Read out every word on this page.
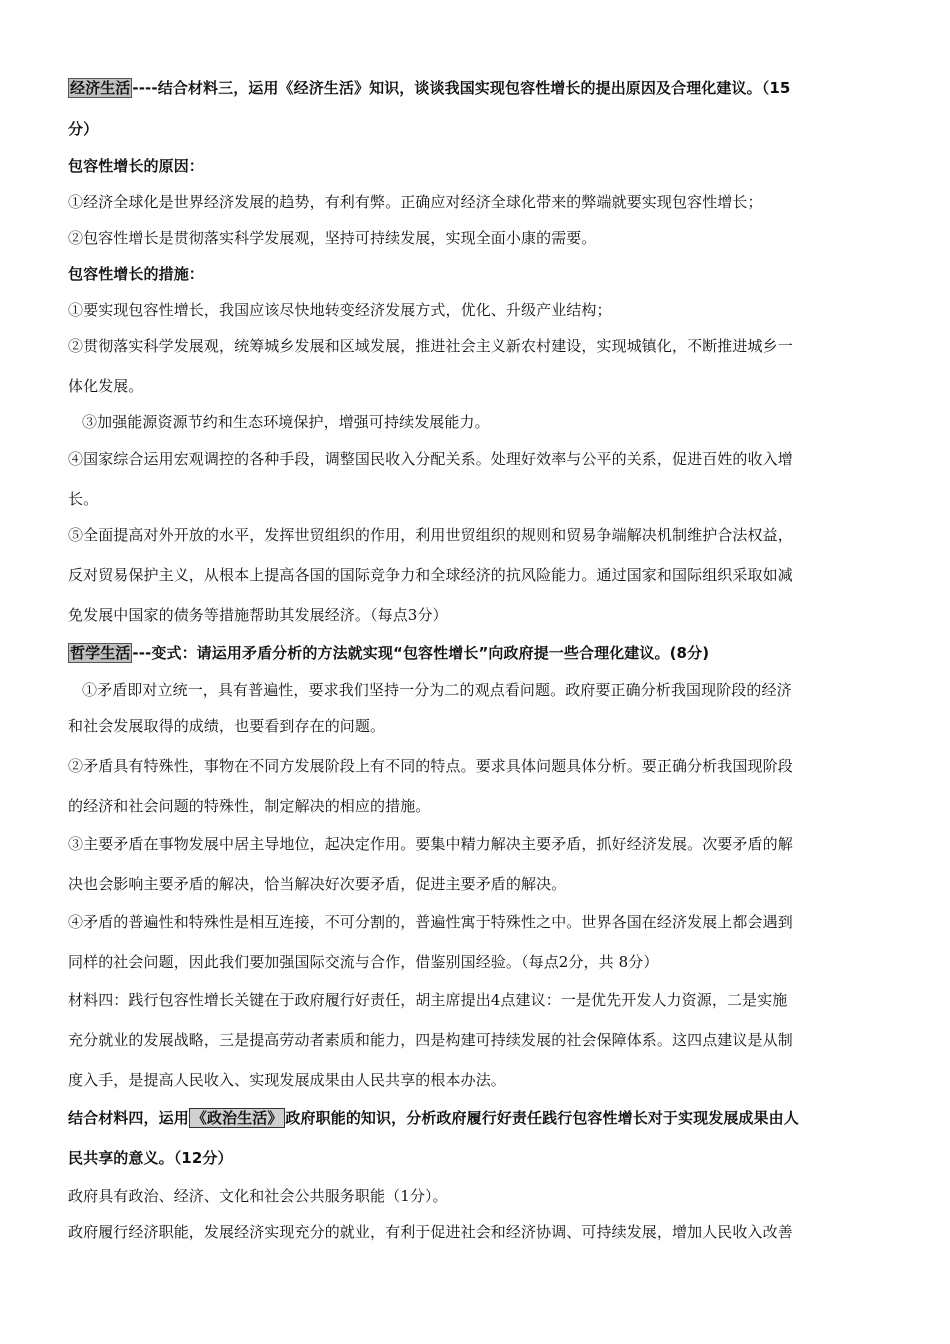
经济生活 ----结合材料三，运用《经济生活》知识，谈谈我国实现包容性增长的提出原因及合理化建议。（15
分）
包容性增长的原因：
①经济全球化是世界经济发展的趋势，有利有弊。正确应对经济全球化带来的弊端就要实现包容性增长；
②包容性增长是贯彻落实科学发展观，坚持可持续发展，实现全面小康的需要。
包容性增长的措施：
①要实现包容性增长，我国应该尽快地转变经济发展方式，优化、升级产业结构；
②贯彻落实科学发展观，统筹城乡发展和区域发展，推进社会主义新农村建设，实现城镇化，不断推进城乡一
体化发展。
③加强能源资源节约和生态环境保护，增强可持续发展能力。
④国家综合运用宏观调控的各种手段，调整国民收入分配关系。处理好效率与公平的关系，促进百姓的收入增
长。
⑤全面提高对外开放的水平，发挥世贸组织的作用，利用世贸组织的规则和贸易争端解决机制维护合法权益，
反对贸易保护主义，从根本上提高各国的国际竞争力和全球经济的抗风险能力。通过国家和国际组织采取如减
免发展中国家的债务等措施帮助其发展经济。（每点3分）
哲学生活 ---变式：请运用矛盾分析的方法就实现“包容性增长”向政府提一些合理化建议。(8分)
①矛盾即对立统一，具有普遍性，要求我们坚持一分为二的观点看问题。政府要正确分析我国现阶段的经济
和社会发展取得的成绩，也要看到存在的问题。
②矛盾具有特殊性，事物在不同方发展阶段上有不同的特点。要求具体问题具体分析。要正确分析我国现阶段
的经济和社会问题的特殊性，制定解决的相应的措施。
③主要矛盾在事物发展中居主导地位，起决定作用。要集中精力解决主要矛盾，抓好经济发展。次要矛盾的解
决也会影响主要矛盾的解决，恰当解决好次要矛盾，促进主要矛盾的解决。
④矛盾的普遍性和特殊性是相互连接，不可分割的，普遍性寓于特殊性之中。世界各国在经济发展上都会遇到
同样的社会问题，因此我们要加强国际交流与合作，借鉴别国经验。（每点2分，共 8分）
材料四：践行包容性增长关键在于政府履行好责任，胡主席提出4点建议：一是优先开发人力资源，二是实施
充分就业的发展战略，三是提高劳动者素质和能力，四是构建可持续发展的社会保障体系。这四点建议是从制
度入手，是提高人民收入、实现发展成果由人民共享的根本办法。
结合材料四，运用 《政治生活》 政府职能的知识，分析政府履行好责任践行包容性增长对于实现发展成果由人
民共享的意义。（12分）
政府具有政治、经济、文化和社会公共服务职能（1分）。
政府履行经济职能，发展经济实现充分的就业，有利于促进社会和经济协调、可持续发展，增加人民收入改善
